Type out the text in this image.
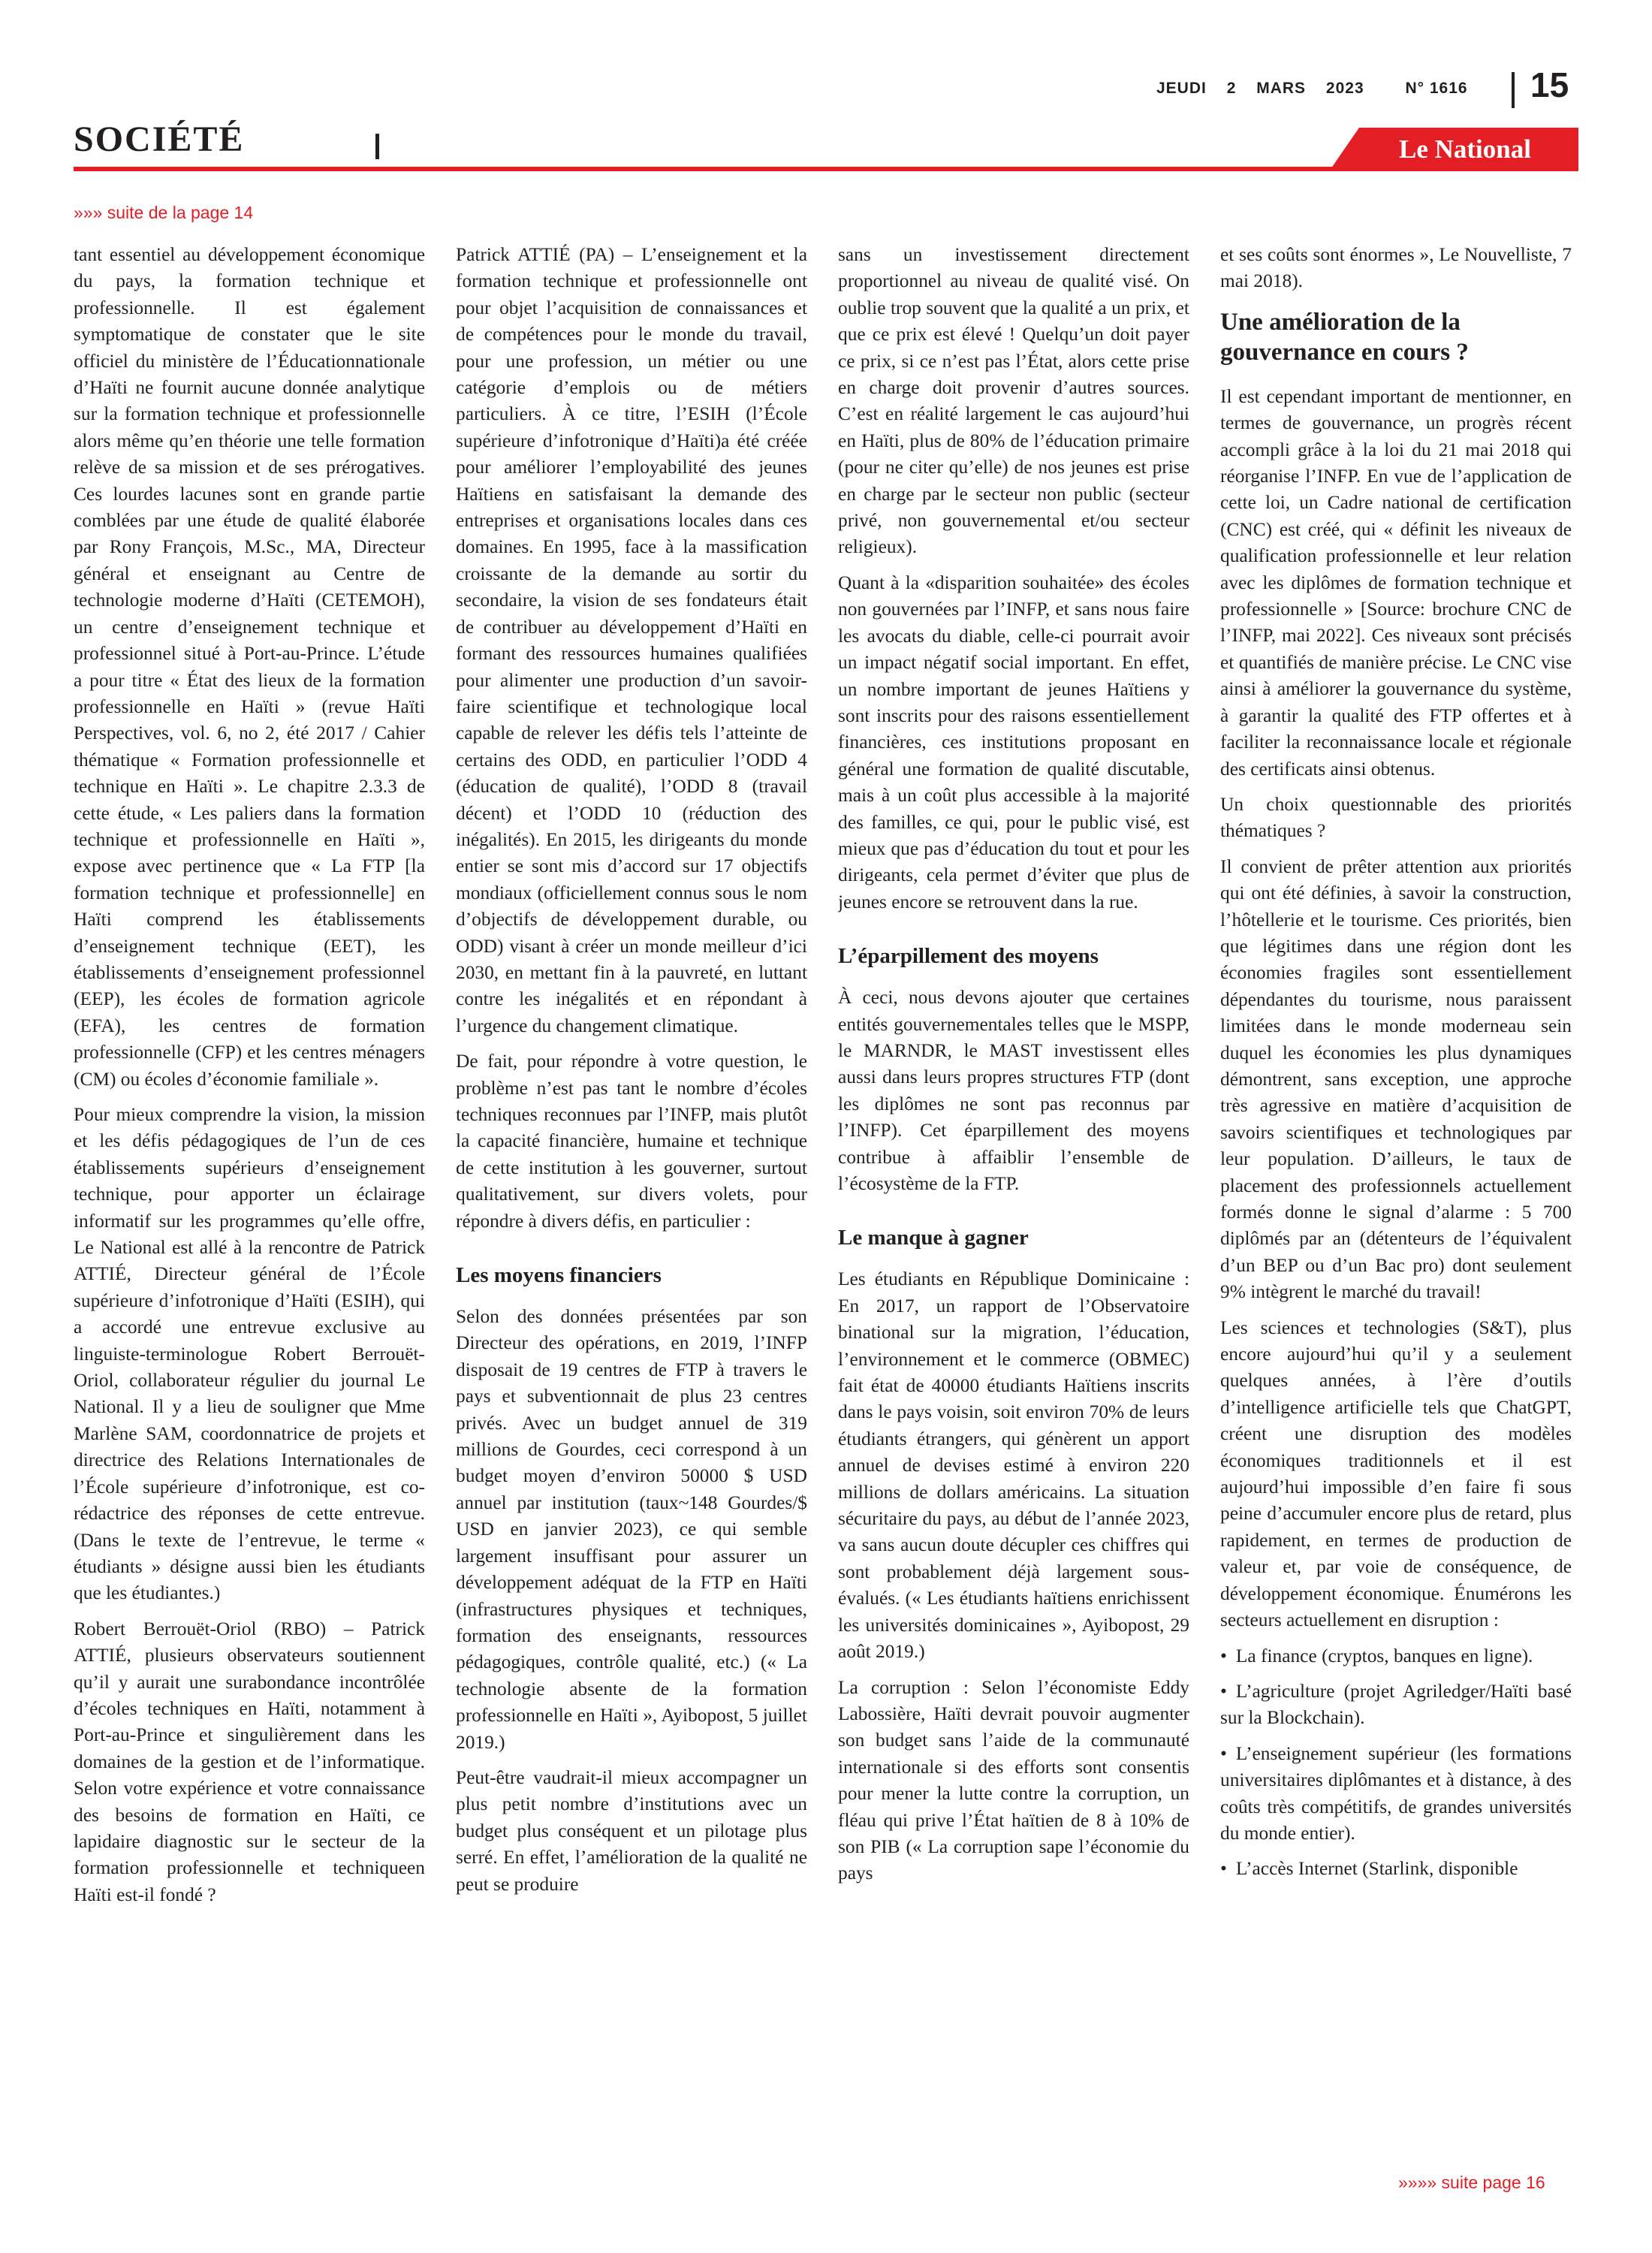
JEUDI 2 MARS 2023	N° 1616 15
SOCIÉTÉ	Le National
»»» suite de la page 14

tant essentiel au développement économique du pays, la formation technique et professionnelle. Il est également symptomatique de constater que le site officiel du ministère de l’Éducationnationale d’Haïti ne fournit aucune donnée analytique sur la formation technique et professionnelle alors même qu’en théorie une telle formation relève de sa mission et de ses prérogatives. Ces lourdes lacunes sont en grande partie comblées par une étude de qualité élaborée par Rony François, M.Sc., MA, Directeur général et enseignant au Centre de technologie moderne d’Haïti (CETEMOH), un centre d’enseignement technique et professionnel situé à Port-au-Prince. L’étude a pour titre « État des lieux de la formation professionnelle en Haïti » (revue Haïti Perspectives, vol. 6, no 2, été 2017 / Cahier thématique « Formation professionnelle et technique en Haïti ». Le chapitre 2.3.3 de cette étude, « Les paliers dans la formation technique et professionnelle en Haïti », expose avec pertinence que « La FTP [la formation technique et professionnelle] en Haïti comprend les établissements d’enseignement technique (EET), les établissements d’enseignement professionnel (EEP), les écoles de formation agricole (EFA), les centres de formation professionnelle (CFP) et les centres ménagers (CM) ou écoles d’économie familiale ».

Pour mieux comprendre la vision, la mission et les défis pédagogiques de l’un de ces établissements supérieurs d’enseignement technique, pour apporter un éclairage informatif sur les programmes qu’elle offre, Le National est allé à la rencontre de Patrick ATTIÉ, Directeur général de l’École supérieure d’infotronique d’Haïti (ESIH), qui a accordé une entrevue exclusive au linguiste-terminologue Robert Berrouët-Oriol, collaborateur régulier du journal Le National. Il y a lieu de souligner que Mme Marlène SAM, coordonnatrice de projets et directrice des Relations Internationales de l’École supérieure d’infotronique, est co-rédactrice des réponses de cette entrevue. (Dans le texte de l’entrevue, le terme « étudiants » désigne aussi bien les étudiants que les étudiantes.)

Robert Berrouët-Oriol (RBO) – Patrick ATTIÉ, plusieurs observateurs soutiennent qu’il y aurait une surabondance incontrôlée d’écoles techniques en Haïti, notamment à Port-au-Prince et singulièrement dans les domaines de la gestion et de l’informatique. Selon votre expérience et votre connaissance des besoins de formation en Haïti, ce lapidaire diagnostic sur le secteur de la formation professionnelle et techniqueen Haïti est-il fondé ?

Patrick ATTIÉ (PA) – L’enseignement et la formation technique et professionnelle ont pour objet l’acquisition de connaissances et de compétences pour le monde du travail, pour une profession, un métier ou une catégorie d’emplois ou de métiers particuliers. À ce titre, l’ESIH (l’École supérieure d’infotronique d’Haïti)a été créée pour améliorer l’employabilité des jeunes Haïtiens en satisfaisant la demande des entreprises et organisations locales dans ces domaines. En 1995, face à la massification croissante de la demande au sortir du secondaire, la vision de ses fondateurs était de contribuer au développement d’Haïti en formant des ressources humaines qualifiées pour alimenter une production d’un savoir-faire scientifique et technologique local capable de relever les défis tels l’atteinte de certains des ODD, en particulier l’ODD 4 (éducation de qualité), l’ODD 8 (travail décent) et l’ODD 10 (réduction des inégalités). En 2015, les dirigeants du monde entier se sont mis d’accord sur 17 objectifs mondiaux (officiellement connus sous le nom d’objectifs de développement durable, ou ODD) visant à créer un monde meilleur d’ici 2030, en mettant fin à la pauvreté, en luttant contre les inégalités et en répondant à l’urgence du changement climatique.

De fait, pour répondre à votre question, le problème n’est pas tant le nombre d’écoles techniques reconnues par l’INFP, mais plutôt la capacité financière, humaine et technique de cette institution à les gouverner, surtout qualitativement, sur divers volets, pour répondre à divers défis, en particulier :

Les moyens financiers

Selon des données présentées par son Directeur des opérations, en 2019, l’INFP disposait de 19 centres de FTP à travers le pays et subventionnait de plus 23 centres privés. Avec un budget annuel de 319 millions de Gourdes, ceci correspond à un budget moyen d’environ 50000 $ USD annuel par institution (taux~148 Gourdes/$ USD en janvier 2023), ce qui semble largement insuffisant pour assurer un développement adéquat de la FTP en Haïti (infrastructures physiques et techniques, formation des enseignants, ressources pédagogiques, contrôle qualité, etc.) (« La technologie absente de la formation professionnelle en Haïti », Ayibopost, 5 juillet 2019.)

Peut-être vaudrait-il mieux accompagner un plus petit nombre d’institutions avec un budget plus conséquent et un pilotage plus serré. En effet, l’amélioration de la qualité ne peut se produire

sans un investissement directement proportionnel au niveau de qualité visé. On oublie trop souvent que la qualité a un prix, et que ce prix est élevé ! Quelqu’un doit payer ce prix, si ce n’est pas l’État, alors cette prise en charge doit provenir d’autres sources. C’est en réalité largement le cas aujourd’hui en Haïti, plus de 80% de l’éducation primaire (pour ne citer qu’elle) de nos jeunes est prise en charge par le secteur non public (secteur privé, non gouvernemental et/ou secteur religieux).

Quant à la «disparition souhaitée» des écoles non gouvernées par l’INFP, et sans nous faire les avocats du diable, celle-ci pourrait avoir un impact négatif social important. En effet, un nombre important de jeunes Haïtiens y sont inscrits pour des raisons essentiellement financières, ces institutions proposant en général une formation de qualité discutable, mais à un coût plus accessible à la majorité des familles, ce qui, pour le public visé, est mieux que pas d’éducation du tout et pour les dirigeants, cela permet d’éviter que plus de jeunes encore se retrouvent dans la rue.

L’éparpillement des moyens

À ceci, nous devons ajouter que certaines entités gouvernementales telles que le MSPP, le MARNDR, le MAST investissent elles aussi dans leurs propres structures FTP (dont les diplômes ne sont pas reconnus par l’INFP). Cet éparpillement des moyens contribue à affaiblir l’ensemble de l’écosystème de la FTP.

Le manque à gagner

Les étudiants en République Dominicaine : En 2017, un rapport de l’Observatoire binational sur la migration, l’éducation, l’environnement et le commerce (OBMEC) fait état de 40000 étudiants Haïtiens inscrits dans le pays voisin, soit environ 70% de leurs étudiants étrangers, qui génèrent un apport annuel de devises estimé à environ 220 millions de dollars américains. La situation sécuritaire du pays, au début de l’année 2023, va sans aucun doute décupler ces chiffres qui sont probablement déjà largement sous-évalués. (« Les étudiants haïtiens enrichissent les universités dominicaines », Ayibopost, 29 août 2019.)

La corruption : Selon l’économiste Eddy Labossière, Haïti devrait pouvoir augmenter son budget sans l’aide de la communauté internationale si des efforts sont consentis pour mener la lutte contre la corruption, un fléau qui prive l’État haïtien de 8 à 10% de son PIB (« La corruption sape l’économie du pays

et ses coûts sont énormes », Le Nouvelliste, 7 mai 2018).

Une amélioration de la gouvernance en cours ?

Il est cependant important de mentionner, en termes de gouvernance, un progrès récent accompli grâce à la loi du 21 mai 2018 qui réorganise l’INFP. En vue de l’application de cette loi, un Cadre national de certification (CNC) est créé, qui « définit les niveaux de qualification professionnelle et leur relation avec les diplômes de formation technique et professionnelle » [Source: brochure CNC de l’INFP, mai 2022]. Ces niveaux sont précisés et quantifiés de manière précise. Le CNC vise ainsi à améliorer la gouvernance du système, à garantir la qualité des FTP offertes et à faciliter la reconnaissance locale et régionale des certificats ainsi obtenus.

Un choix questionnable des priorités thématiques ?

Il convient de prêter attention aux priorités qui ont été définies, à savoir la construction, l’hôtellerie et le tourisme. Ces priorités, bien que légitimes dans une région dont les économies fragiles sont essentiellement dépendantes du tourisme, nous paraissent limitées dans le monde moderneau sein duquel les économies les plus dynamiques démontrent, sans exception, une approche très agressive en matière d’acquisition de savoirs scientifiques et technologiques par leur population. D’ailleurs, le taux de placement des professionnels actuellement formés donne le signal d’alarme : 5 700 diplômés par an (détenteurs de l’équivalent d’un BEP ou d’un Bac pro) dont seulement 9% intègrent le marché du travail!

Les sciences et technologies (S&T), plus encore aujourd’hui qu’il y a seulement quelques années, à l’ère d’outils d’intelligence artificielle tels que ChatGPT, créent une disruption des modèles économiques traditionnels et il est aujourd’hui impossible d’en faire fi sous peine d’accumuler encore plus de retard, plus rapidement, en termes de production de valeur et, par voie de conséquence, de développement économique. Énumérons les secteurs actuellement en disruption :

• La finance (cryptos, banques en ligne).
• L’agriculture (projet Agriledger/Haïti basé sur la Blockchain).
• L’enseignement supérieur (les formations universitaires diplômantes et à distance, à des coûts très compétitifs, de grandes universités du monde entier).
• L’accès Internet (Starlink, disponible
»»»» suite page 16
